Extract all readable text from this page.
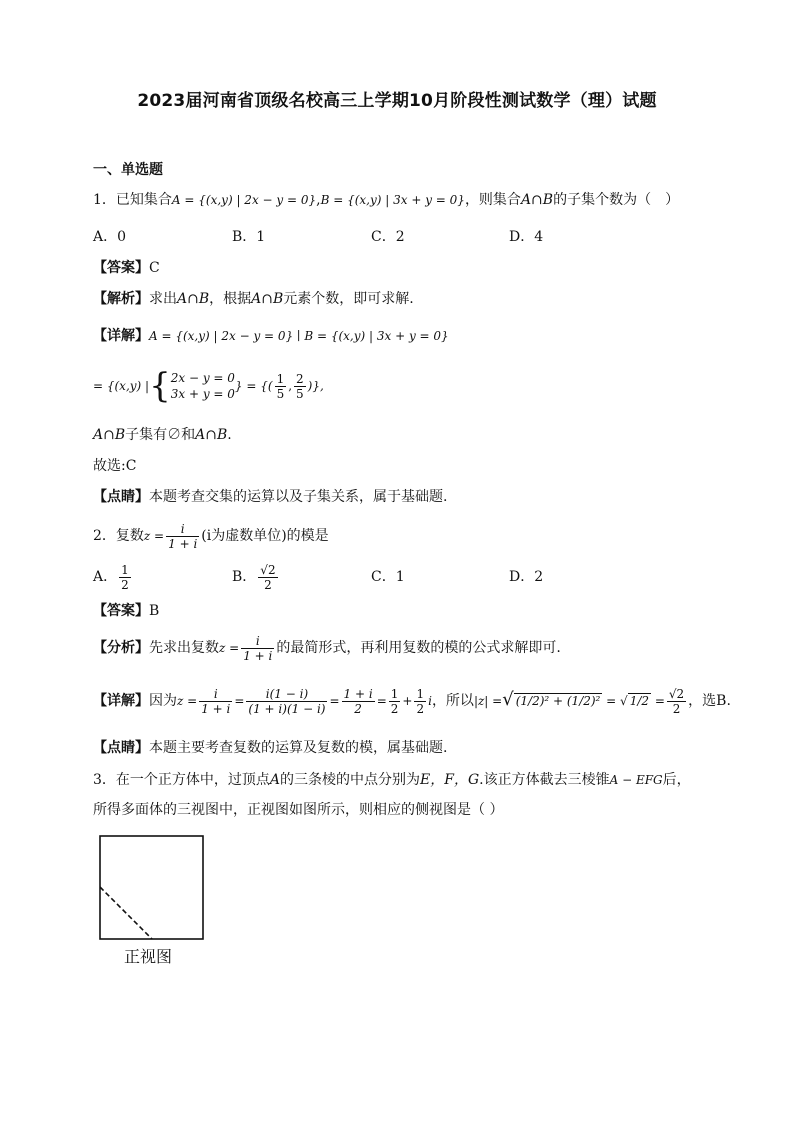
2023届河南省顶级名校高三上学期10月阶段性测试数学（理）试题
一、单选题
1．已知集合A = {(x,y) | 2x − y = 0},B = {(x,y) | 3x + y = 0}，则集合A∩B的子集个数为（　）
A．0	B．1	C．2	D．4
【答案】C
【解析】求出A∩B，根据A∩B元素个数，即可求解.
【详解】A = {(x,y) | 2x − y = 0} ∣ B = {(x,y) | 3x + y = 0}
= {(x,y) |{ 2x − y = 0
3x + y = 0
} = {( $\frac{1}{5}$ , $\frac{2}{5}$ )},
A∩B子集有∅和A∩B.
故选:C
【点睛】本题考查交集的运算以及子集关系，属于基础题.
2．复数$z = \frac{i}{1 + i} (i$为虚数单位)的模是
A． $\frac{1}{2}$	B． $\frac{√2}{2}$	C．1	D．2
【答案】B
【分析】先求出复数$z = \frac{i}{1 + i}$ 的最简形式，再利用复数的模的公式求解即可.
【详解】因为$z = \frac{i}{1 + i} = \frac{i(1 - i)}{(1 + i)(1 - i)} = \frac{1 + i}{2} = \frac{1}{2} + \frac{1}{2}$ i，所以|z| =√ (1/2)² + (1/2)² = √ $1/2 = \frac{√2}{2}$ ，选B.
【点睛】本题主要考查复数的运算及复数的模，属基础题.
3．在一个正方体中，过顶点A的三条棱的中点分别为E，F，G.该正方体截去三棱锥A − EFG后，
所得多面体的三视图中，正视图如图所示，则相应的侧视图是（ ）
正视图
